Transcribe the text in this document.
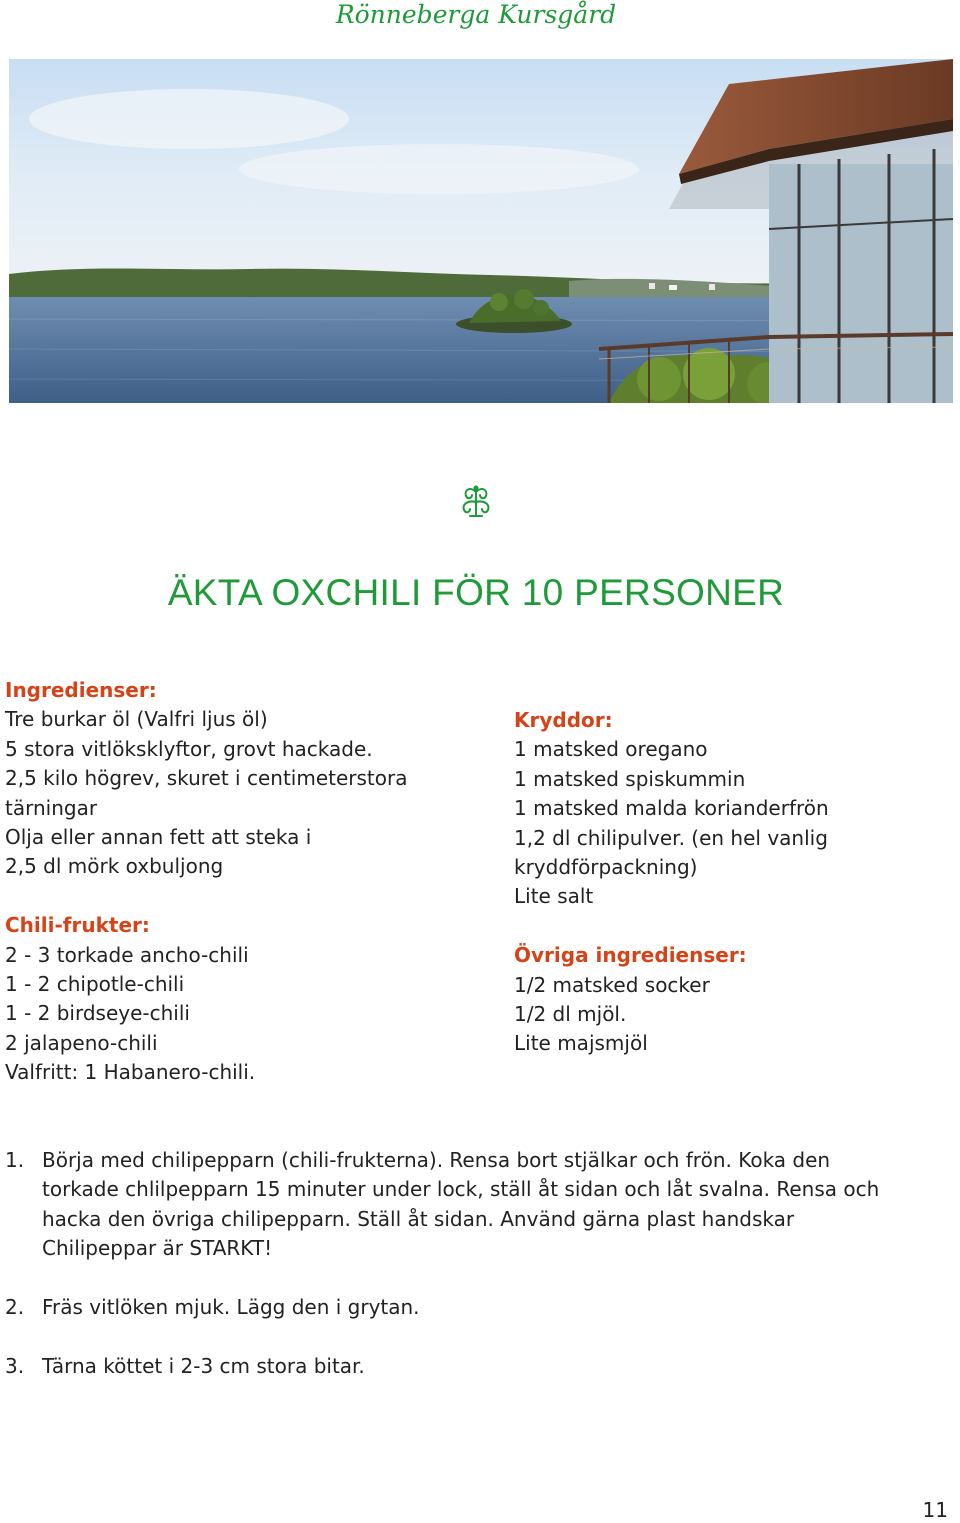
Rönneberga Kursgård
ÄKTA OXCHILI FÖR 10 PERSONER
Ingredienser:
Tre burkar öl (Valfri ljus öl)
5 stora vitlöksklyftor, grovt hackade.
2,5 kilo högrev, skuret i centimeterstora
tärningar
Olja eller annan fett att steka i
2,5 dl mörk oxbuljong
Chili-frukter:
2 - 3 torkade ancho-chili
1 - 2 chipotle-chili
1 - 2 birdseye-chili
2 jalapeno-chili
Valfritt: 1 Habanero-chili.
Kryddor:
1 matsked oregano
1 matsked spiskummin
1 matsked malda korianderfrön
1,2 dl chilipulver. (en hel vanlig
kryddförpackning)
Lite salt
Övriga ingredienser:
1/2 matsked socker
1/2 dl mjöl.
Lite majsmjöl
1. Börja med chilipepparn (chili-frukterna). Rensa bort stjälkar och frön. Koka den
torkade chlilpepparn 15 minuter under lock, ställ åt sidan och låt svalna. Rensa och
hacka den övriga chilipepparn. Ställ åt sidan. Använd gärna plast handskar
Chilipeppar är STARKT!
2. Fräs vitlöken mjuk. Lägg den i grytan.
3. Tärna köttet i 2-3 cm stora bitar.
11
